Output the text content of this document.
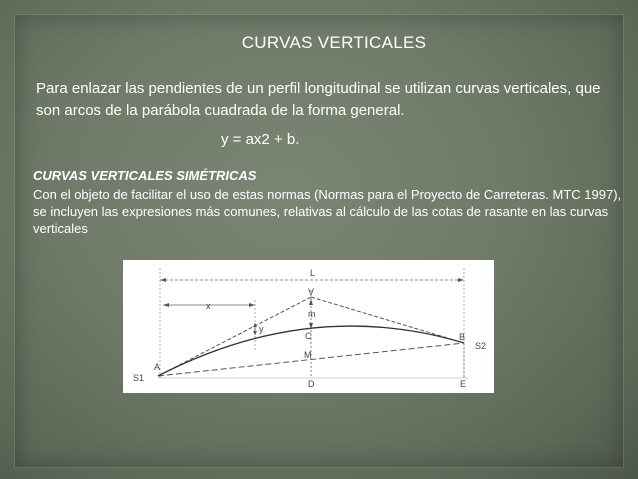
CURVAS VERTICALES
Para enlazar las pendientes de un perfil longitudinal se utilizan curvas verticales, que son arcos de la parábola cuadrada de la forma general.
y = ax2 + b.
CURVAS VERTICALES SIMÉTRICAS
Con el objeto de facilitar el uso de estas normas (Normas para el Proyecto de Carreteras. MTC 1997), se incluyen las expresiones más comunes, relativas al cálculo de las cotas de rasante en las curvas verticales
L
x
V
m
y
C
M
A
B
D	E
S1
S2
